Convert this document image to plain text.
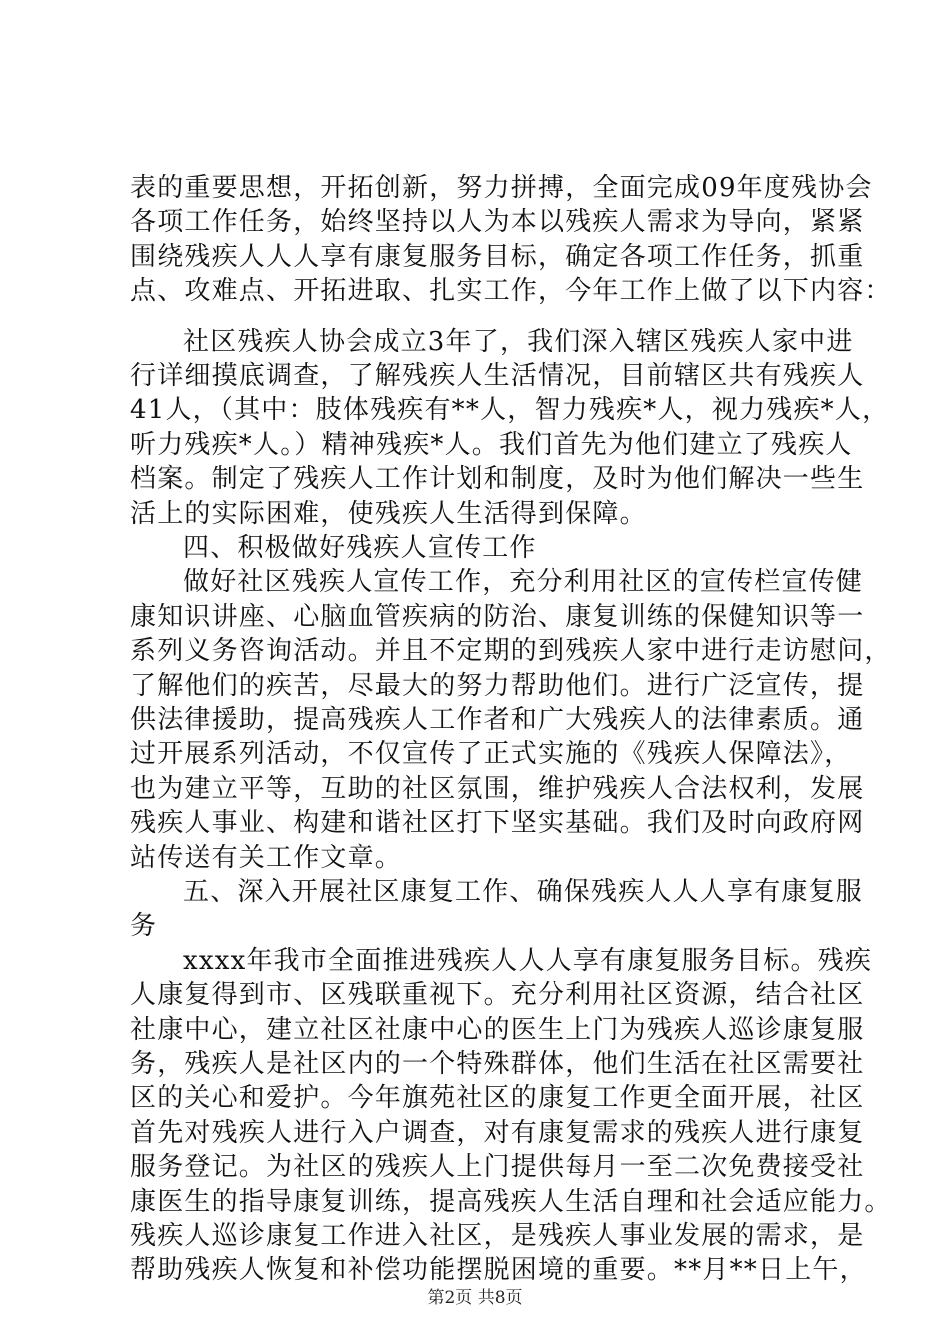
表的重要思想，开拓创新，努力拼搏，全面完成09年度残协会
各项工作任务，始终坚持以人为本以残疾人需求为导向，紧紧
围绕残疾人人人享有康复服务目标，确定各项工作任务，抓重
点、攻难点、开拓进取、扎实工作，今年工作上做了以下内容：
社区残疾人协会成立3年了，我们深入辖区残疾人家中进
行详细摸底调查，了解残疾人生活情况，目前辖区共有残疾人
41人，（其中：肢体残疾有**人，智力残疾*人，视力残疾*人，
听力残疾*人。）精神残疾*人。我们首先为他们建立了残疾人
档案。制定了残疾人工作计划和制度，及时为他们解决一些生
活上的实际困难，使残疾人生活得到保障。
四、积极做好残疾人宣传工作
做好社区残疾人宣传工作，充分利用社区的宣传栏宣传健
康知识讲座、心脑血管疾病的防治、康复训练的保健知识等一
系列义务咨询活动。并且不定期的到残疾人家中进行走访慰问，
了解他们的疾苦，尽最大的努力帮助他们。进行广泛宣传，提
供法律援助，提高残疾人工作者和广大残疾人的法律素质。通
过开展系列活动，不仅宣传了正式实施的《残疾人保障法》，
也为建立平等，互助的社区氛围，维护残疾人合法权利，发展
残疾人事业、构建和谐社区打下坚实基础。我们及时向政府网
站传送有关工作文章。
五、深入开展社区康复工作、确保残疾人人人享有康复服
务
xxxx年我市全面推进残疾人人人享有康复服务目标。残疾
人康复得到市、区残联重视下。充分利用社区资源，结合社区
社康中心，建立社区社康中心的医生上门为残疾人巡诊康复服
务，残疾人是社区内的一个特殊群体，他们生活在社区需要社
区的关心和爱护。今年旗苑社区的康复工作更全面开展，社区
首先对残疾人进行入户调查，对有康复需求的残疾人进行康复
服务登记。为社区的残疾人上门提供每月一至二次免费接受社
康医生的指导康复训练，提高残疾人生活自理和社会适应能力。
残疾人巡诊康复工作进入社区，是残疾人事业发展的需求，是
第2页 共8页
帮助残疾人恢复和补偿功能摆脱困境的重要。**月**日上午，
